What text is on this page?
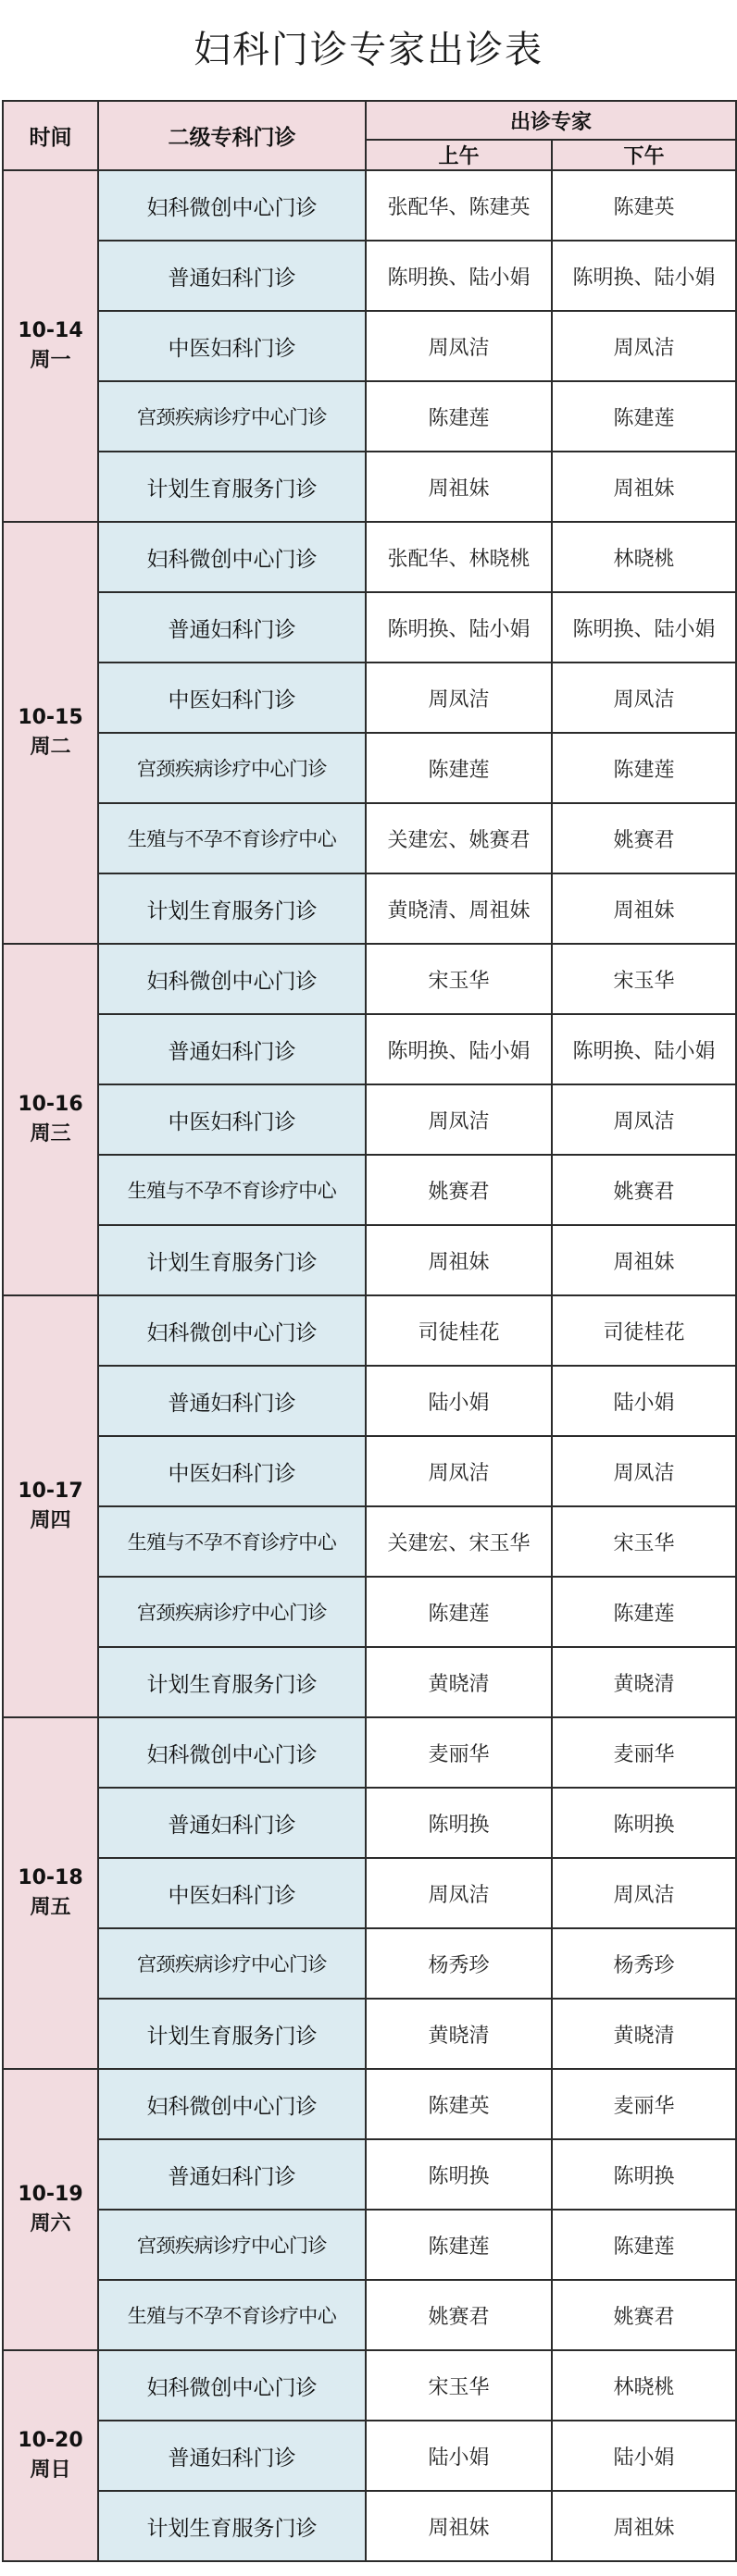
妇科门诊专家出诊表
时间	二级专科门诊	出诊专家	
		上午	下午

10-14
周一	妇科微创中心门诊	张配华、陈建英	陈建英
	普通妇科门诊	陈明换、陆小娟	陈明换、陆小娟
	中医妇科门诊	周凤洁	周凤洁
	宫颈疾病诊疗中心门诊	陈建莲	陈建莲
	计划生育服务门诊	周祖妹	周祖妹

10-15
周二	妇科微创中心门诊	张配华、林晓桃	林晓桃
	普通妇科门诊	陈明换、陆小娟	陈明换、陆小娟
	中医妇科门诊	周凤洁	周凤洁
	宫颈疾病诊疗中心门诊	陈建莲	陈建莲
	生殖与不孕不育诊疗中心	关建宏、姚赛君	姚赛君
	计划生育服务门诊	黄晓清、周祖妹	周祖妹

10-16
周三	妇科微创中心门诊	宋玉华	宋玉华
	普通妇科门诊	陈明换、陆小娟	陈明换、陆小娟
	中医妇科门诊	周凤洁	周凤洁
	生殖与不孕不育诊疗中心	姚赛君	姚赛君
	计划生育服务门诊	周祖妹	周祖妹

10-17
周四	妇科微创中心门诊	司徒桂花	司徒桂花
	普通妇科门诊	陆小娟	陆小娟
	中医妇科门诊	周凤洁	周凤洁
	生殖与不孕不育诊疗中心	关建宏、宋玉华	宋玉华
	宫颈疾病诊疗中心门诊	陈建莲	陈建莲
	计划生育服务门诊	黄晓清	黄晓清

10-18
周五	妇科微创中心门诊	麦丽华	麦丽华
	普通妇科门诊	陈明换	陈明换
	中医妇科门诊	周凤洁	周凤洁
	宫颈疾病诊疗中心门诊	杨秀珍	杨秀珍
	计划生育服务门诊	黄晓清	黄晓清

10-19
周六	妇科微创中心门诊	陈建英	麦丽华
	普通妇科门诊	陈明换	陈明换
	宫颈疾病诊疗中心门诊	陈建莲	陈建莲
	生殖与不孕不育诊疗中心	姚赛君	姚赛君

10-20
周日	妇科微创中心门诊	宋玉华	林晓桃
	普通妇科门诊	陆小娟	陆小娟
	计划生育服务门诊	周祖妹	周祖妹
